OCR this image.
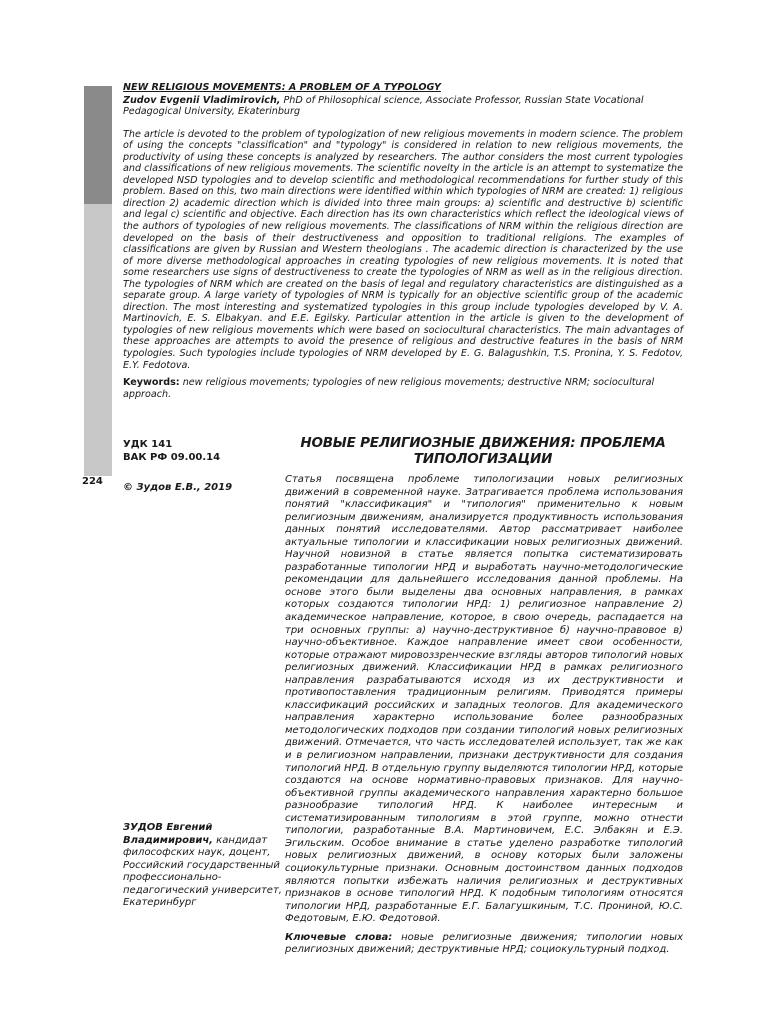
224
NEW RELIGIOUS MOVEMENTS: A PROBLEM OF A TYPOLOGY
Zudov Evgenii Vladimirovich, PhD of Philosophical science, Associate Professor, Russian State Vocational Pedagogical University, Ekaterinburg
The article is devoted to the problem of typologization of new religious movements in modern science. The problem of using the concepts "classification" and "typology" is considered in relation to new religious movements, the productivity of using these concepts is analyzed by researchers. The author considers the most current typologies and classifications of new religious movements. The scientific novelty in the article is an attempt to systematize the developed NSD typologies and to develop scientific and methodological recommendations for further study of this problem. Based on this, two main directions were identified within which typologies of NRM are created: 1) religious direction 2) academic direction which is divided into three main groups: a) scientific and destructive b) scientific and legal c) scientific and objective. Each direction has its own characteristics which reflect the ideological views of the authors of typologies of new religious movements. The classifications of NRM within the religious direction are developed on the basis of their destructiveness and opposition to traditional religions. The examples of classifications are given by Russian and Western theologians . The academic direction is characterized by the use of more diverse methodological approaches in creating typologies of new religious movements. It is noted that some researchers use signs of destructiveness to create the typologies of NRM as well as in the religious direction. The typologies of NRM which are created on the basis of legal and regulatory characteristics are distinguished as a separate group. A large variety of typologies of NRM is typically for an objective scientific group of the academic direction. The most interesting and systematized typologies in this group include typologies developed by V. A. Martinovich, E. S. Elbakyan. and E.E. Egilsky. Particular attention in the article is given to the development of typologies of new religious movements which were based on sociocultural characteristics. The main advantages of these approaches are attempts to avoid the presence of religious and destructive features in the basis of NRM typologies. Such typologies include typologies of NRM developed by E. G. Balagushkin, T.S. Pronina, Y. S. Fedotov, E.Y. Fedotova.
Keywords: new religious movements; typologies of new religious movements; destructive NRM; sociocultural approach.
УДК 141
ВАК РФ 09.00.14
НОВЫЕ РЕЛИГИОЗНЫЕ ДВИЖЕНИЯ: ПРОБЛЕМА ТИПОЛОГИЗАЦИИ
© Зудов Е.В., 2019
Статья посвящена проблеме типологизации новых религиозных движений в современной науке. Затрагивается проблема использования понятий "классификация" и "типология" применительно к новым религиозным движениям, анализируется продуктивность использования данных понятий исследователями. Автор рассматривает наиболее актуальные типологии и классификации новых религиозных движений. Научной новизной в статье является попытка систематизировать разработанные типологии НРД и выработать научно-методологические рекомендации для дальнейшего исследования данной проблемы. На основе этого были выделены два основных направления, в рамках которых создаются типологии НРД: 1) религиозное направление 2) академическое направление, которое, в свою очередь, распадается на три основных группы: а) научно-деструктивное б) научно-правовое в) научно-объективное. Каждое направление имеет свои особенности, которые отражают мировоззренческие взгляды авторов типологий новых религиозных движений. Классификации НРД в рамках религиозного направления разрабатываются исходя из их деструктивности и противопоставления традиционным религиям. Приводятся примеры классификаций российских и западных теологов. Для академического направления характерно использование более разнообразных методологических подходов при создании типологий новых религиозных движений. Отмечается, что часть исследователей использует, так же как и в религиозном направлении, признаки деструктивности для создания типологий НРД. В отдельную группу выделяются типологии НРД, которые создаются на основе нормативно-правовых признаков. Для научно-объективной группы академического направления характерно большое разнообразие типологий НРД. К наиболее интересным и систематизированным типологиям в этой группе, можно отнести типологии, разработанные В.А. Мартиновичем, Е.С. Элбакян и Е.Э. Эгильским. Особое внимание в статье уделено разработке типологий новых религиозных движений, в основу которых были заложены социокультурные признаки. Основным достоинством данных подходов являются попытки избежать наличия религиозных и деструктивных признаков в основе типологий НРД. К подобным типологиям относятся типологии НРД, разработанные Е.Г. Балагушкиным, Т.С. Прониной, Ю.С. Федотовым, Е.Ю. Федотовой.
Ключевые слова: новые религиозные движения; типологии новых религиозных движений; деструктивные НРД; социокультурный подход.
ЗУДОВ Евгений Владимирович, кандидат философских наук, доцент, Российский государственный профессионально-педагогический университет, Екатеринбург
